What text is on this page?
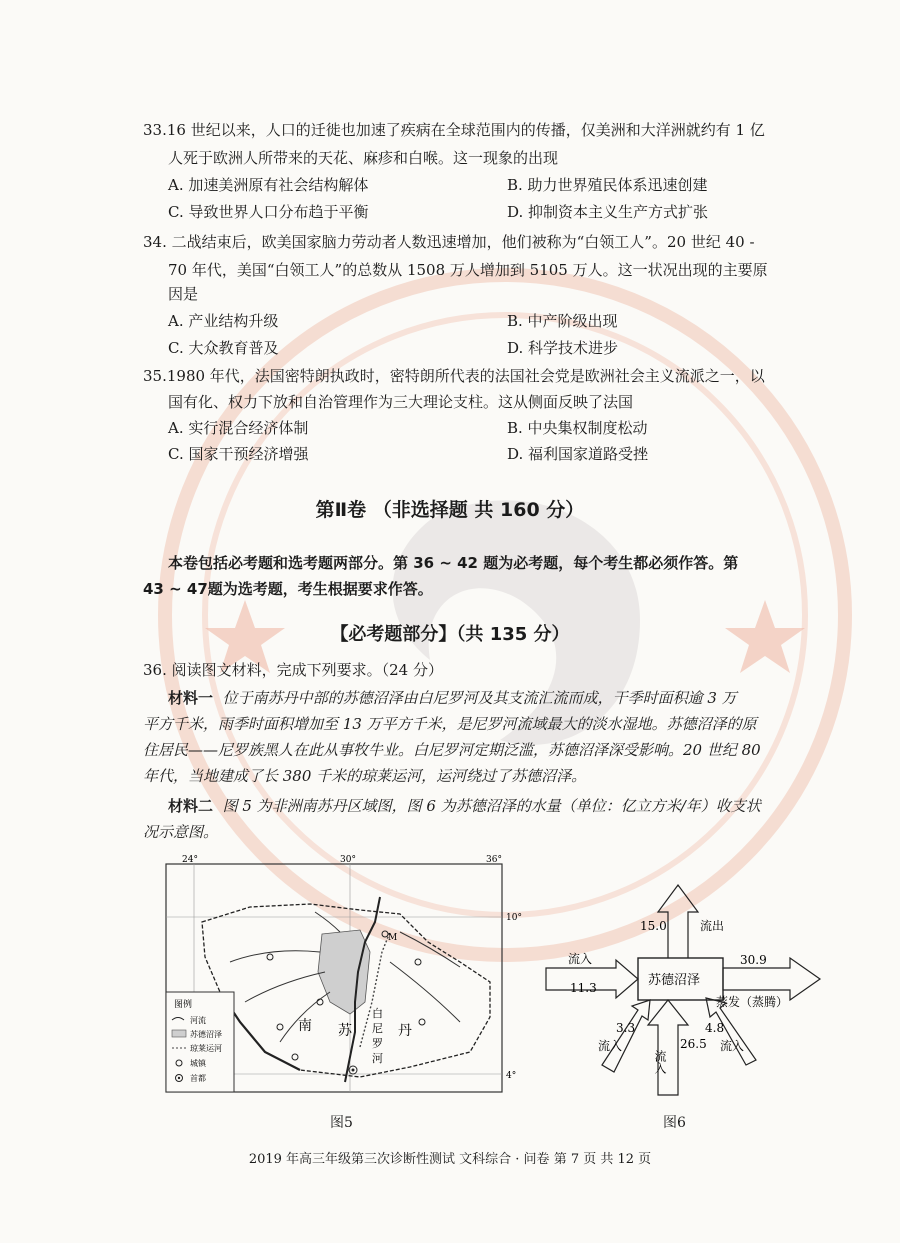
33.16 世纪以来，人口的迁徙也加速了疾病在全球范围内的传播，仅美洲和大洋洲就约有 1 亿
人死于欧洲人所带来的天花、麻疹和白喉。这一现象的出现
A. 加速美洲原有社会结构解体	B. 助力世界殖民体系迅速创建
C. 导致世界人口分布趋于平衡	D. 抑制资本主义生产方式扩张
34. 二战结束后，欧美国家脑力劳动者人数迅速增加，他们被称为“白领工人”。20 世纪 40 -
70 年代，美国“白领工人”的总数从 1508 万人增加到 5105 万人。这一状况出现的主要原
因是
A. 产业结构升级	B. 中产阶级出现
C. 大众教育普及	D. 科学技术进步
35.1980 年代，法国密特朗执政时，密特朗所代表的法国社会党是欧洲社会主义流派之一，以
国有化、权力下放和自治管理作为三大理论支柱。这从侧面反映了法国
A. 实行混合经济体制	B. 中央集权制度松动
C. 国家干预经济增强	D. 福利国家道路受挫
第Ⅱ卷 （非选择题 共 160 分）
本卷包括必考题和选考题两部分。第 36 ~ 42 题为必考题，每个考生都必须作答。第
43 ~ 47题为选考题，考生根据要求作答。
【必考题部分】（共 135 分）
36. 阅读图文材料，完成下列要求。（24 分）
材料一 位于南苏丹中部的苏德沼泽由白尼罗河及其支流汇流而成，干季时面积逾 3 万
平方千米，雨季时面积增加至 13 万平方千米，是尼罗河流域最大的淡水湿地。苏德沼泽的原
住居民——尼罗族黑人在此从事牧牛业。白尼罗河定期泛滥，苏德沼泽深受影响。20 世纪 80
年代，当地建成了长 380 千米的琼莱运河，运河绕过了苏德沼泽。
材料二 图 5 为非洲南苏丹区域图，图 6 为苏德沼泽的水量（单位：亿立方米/年）收支状
况示意图。
24°	30°	36°
10°
4°
南 苏	丹
白
尼
罗
河
M
图例
河流
苏德沼泽
琼莱运河
城镇
首都
图5
15.0	流出
苏德沼泽
流入
11.3
30.9
蒸发（蒸腾）
流入
26.5
3.3
流入
4.8
流入
图6
2019 年高三年级第三次诊断性测试 文科综合 · 问卷 第 7 页 共 12 页
